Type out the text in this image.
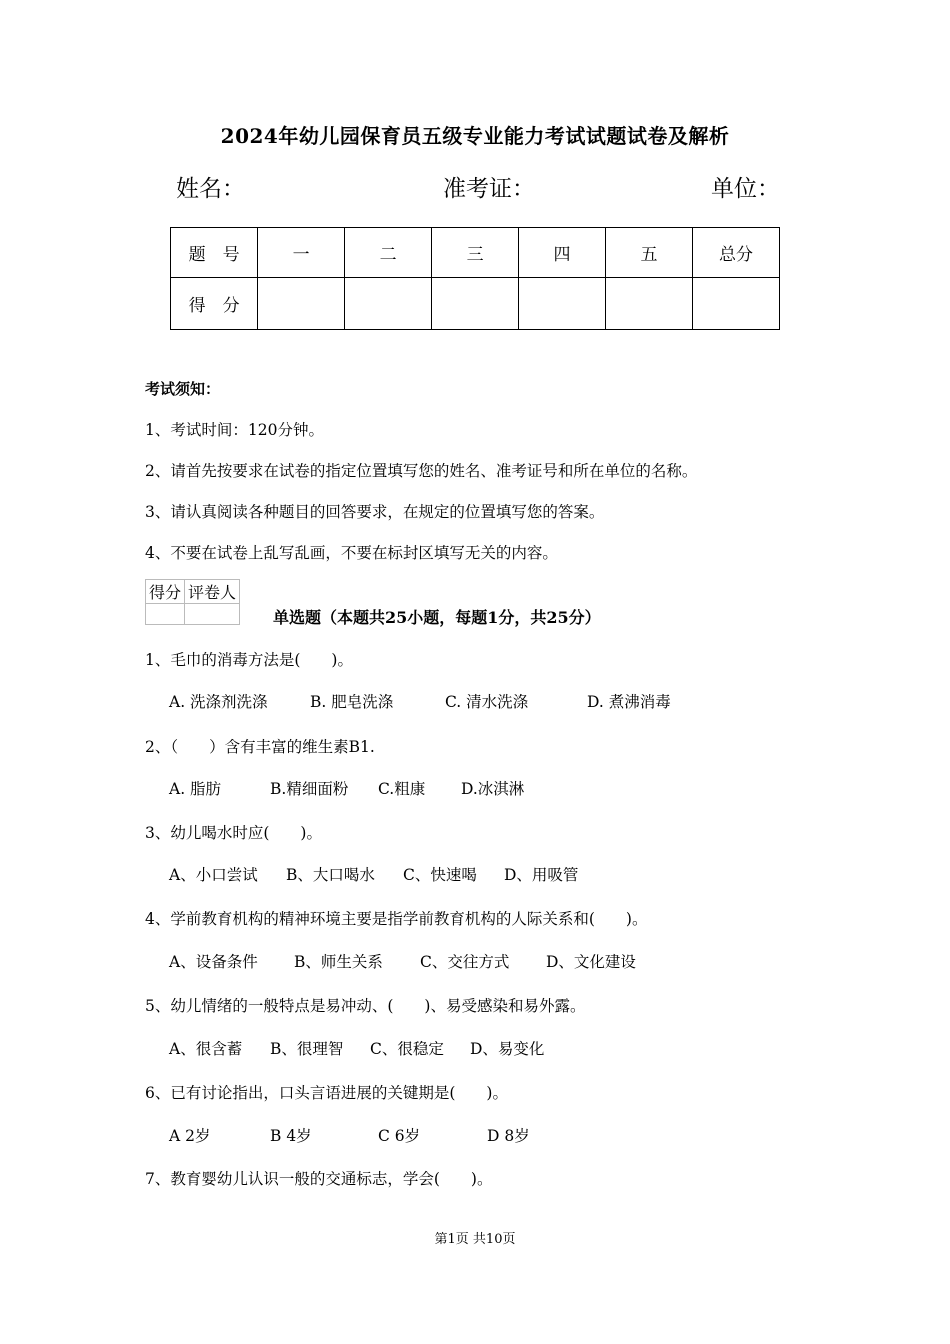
2024年幼儿园保育员五级专业能力考试试题试卷及解析
姓名：	准考证：	单位：
题　号	一	二	三	四	五	总分
得　分						
考试须知：
1、考试时间：120分钟。
2、请首先按要求在试卷的指定位置填写您的姓名、准考证号和所在单位的名称。
3、请认真阅读各种题目的回答要求，在规定的位置填写您的答案。
4、不要在试卷上乱写乱画，不要在标封区填写无关的内容。
得分	评卷人

单选题（本题共25小题，每题1分，共25分）
1、毛巾的消毒方法是(　　)。
A. 洗涤剂洗涤	B. 肥皂洗涤	C. 清水洗涤	D. 煮沸消毒
2、（　　）含有丰富的维生素B1.
A. 脂肪	B.精细面粉 C.粗康 D.冰淇淋
3、幼儿喝水时应(　　)。
A、小口尝试 B、大口喝水 C、快速喝 D、用吸管
4、学前教育机构的精神环境主要是指学前教育机构的人际关系和(　　)。
A、设备条件 B、师生关系 C、交往方式 D、文化建设
5、幼儿情绪的一般特点是易冲动、(　　)、易受感染和易外露。
A、很含蓄 B、很理智 C、很稳定 D、易变化
6、已有讨论指出，口头言语进展的关键期是(　　)。
A 2岁	B 4岁	C 6岁	D 8岁
7、教育婴幼儿认识一般的交通标志，学会(　　)。
第1页 共10页
